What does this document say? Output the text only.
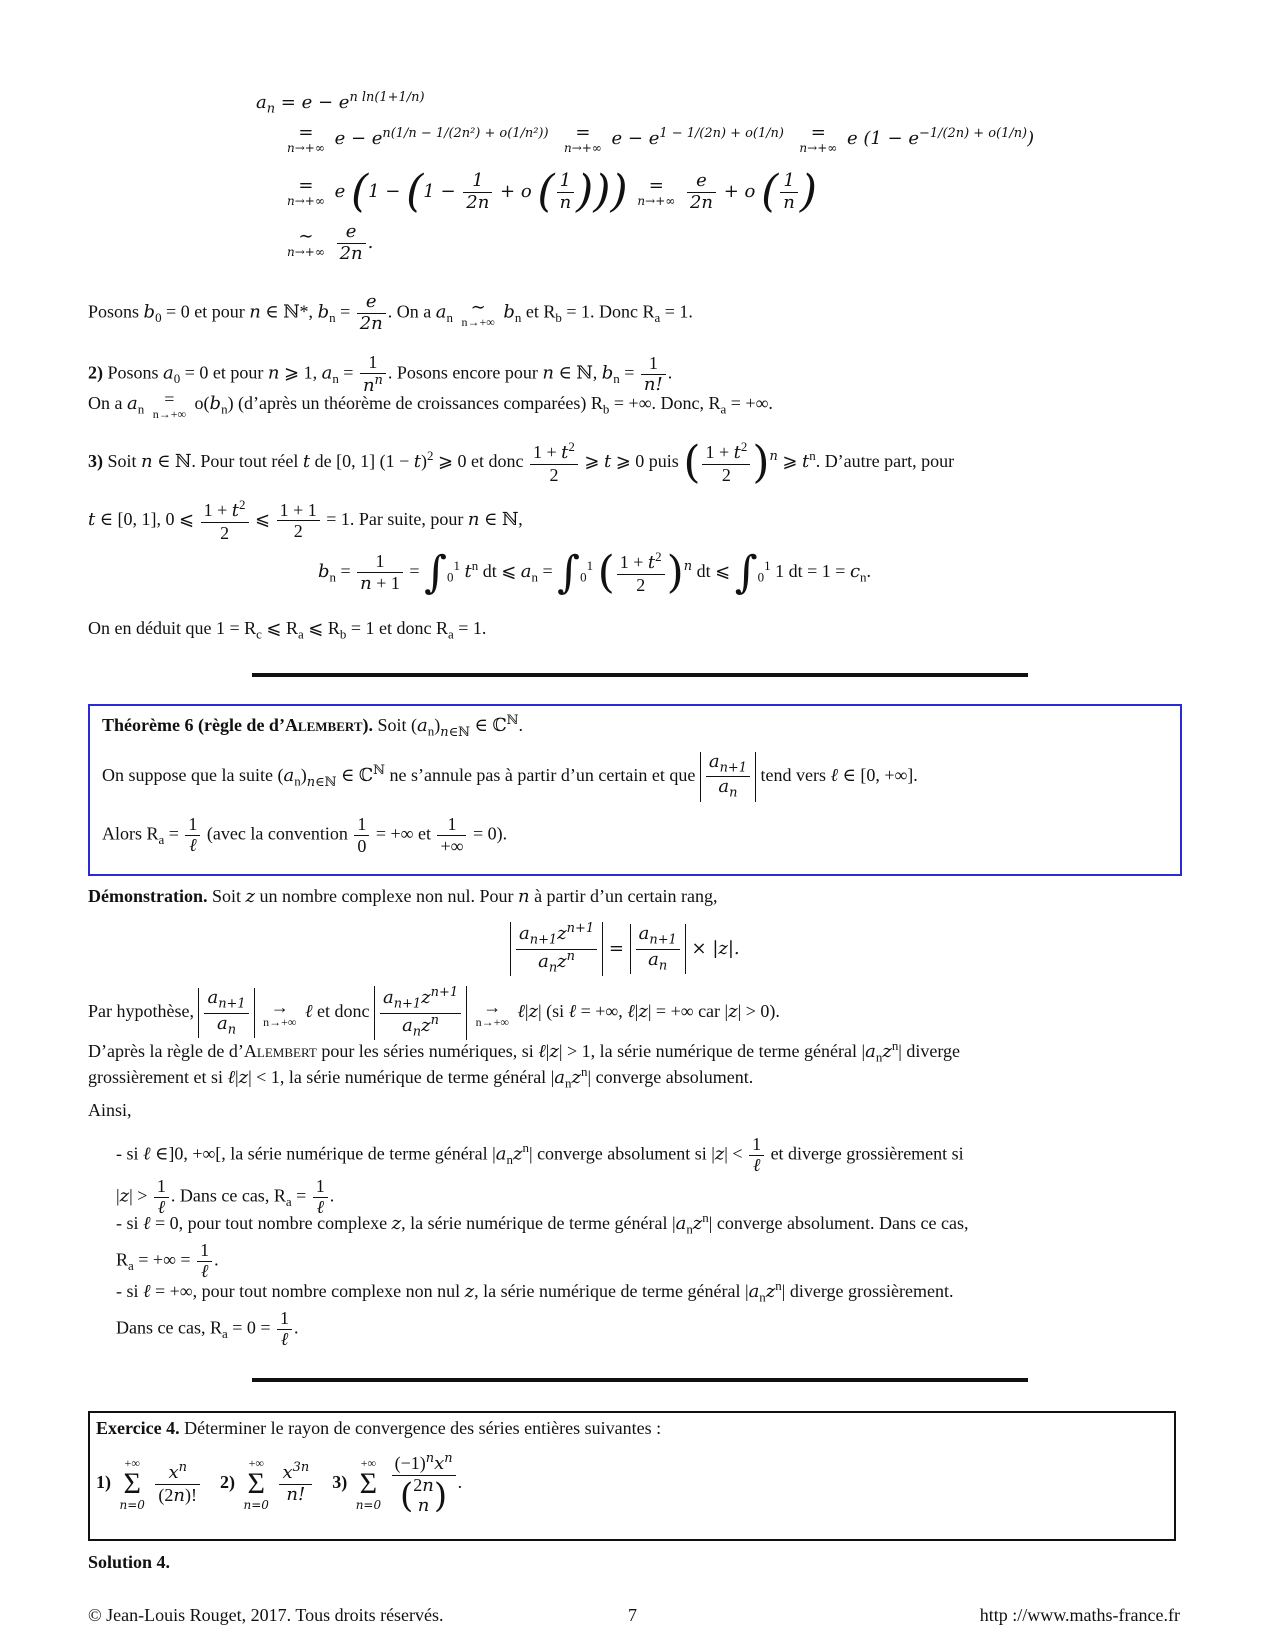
$a_n = e - e^{n ln(1+1/n)}$
=
n→+∞ $e - e^{n(1/n - 1/(2n^2) + o(1/n^2))}$	=
n→+∞ $e - e^{1 - 1/(2n) + o(1/n)}$	=
n→+∞ e $(1 - e^{-1/(2n) + o(1/n)})$
=
n→+∞ e ($1 - (1 - \frac{1}{2n} + o$ ( $\frac{1}{n}$ )))	=
n→+∞
$\frac{e}{2n} + o$ ( $\frac{1}{n}$ )
∼
n→+∞
$\frac{e}{2n}$ .
Posons $b_0 = 0$ et pour n ∈ ℕ*, $b_n = \frac{e}{2n}$ . On a $a_n$
∼
n→+∞ $b_n$ et $R_b = 1$. Donc $R_a = 1$.
2) Posons $a_0 = 0$ et pour n ⩾ 1, $a_n = \frac{1}{n^n}$ . Posons encore pour n ∈ ℕ, $b_n = \frac{1}{n!}$ .
On a $a_n$
=
n→+∞
$o(b_n)$ (d’après un théorème de croissances comparées) $R_b$ = +∞. Donc, $R_a$ = +∞.
3) Soit n ∈ ℕ. Pour tout réel t de [0, 1] $(1 - t)^2$ ⩾ 0 et donc $\frac{1 + t^2}{2}$ ⩾ t ⩾ 0 puis ( $\frac{1 + t^2}{2} )^n$ ⩾ $t^n$. D’autre part, pour
t ∈ [0, 1], 0 ⩽ $\frac{1 + t^2}{2}$ ⩽ $\frac{1 + 1}{2} = 1$. Par suite, pour n ∈ ℕ,
$b_n = \frac{1}{n + 1} = \int_0^1$ $t^n$ dt ⩽ $a_n = \int_0^1$ ( $\frac{1 + t^2}{2} )^n$ dt ⩽ $\int_0^1$ 1 dt = $1 = c_n$.
On en déduit que $1 = R_c$ ⩽ $R_a$ ⩽ $R_b = 1$ et donc $R_a = 1$.
Théorème 6 (règle de d’Alembert). Soit $(a_n)_{n\in ℕ}$ ∈ ℂ$^ℕ$.
On suppose que la suite $(a_n)_{n\in ℕ}$ ∈ ℂ$^ℕ$ ne s’annule pas à partir d’un certain et que $\frac{a_{n+1}}{a_n}$ tend vers ℓ ∈ [0, +∞].
Alors $R_a = \frac{1}{\text{ℓ}}$ (avec la convention $\frac{1}{0}$ = +∞ et $\frac{1}{+\infty} = 0$).
Démonstration. Soit z un nombre complexe non nul. Pour n à partir d’un certain rang,
$\frac{a_{n+1}z^{n+1}}{a_nz^n} = \frac{a_{n+1}}{a_n} \times |z|$.
Par hypothèse, $\frac{a_{n+1}}{a_n}$
	→
n→+∞ ℓ et donc $\frac{a_{n+1}z^{n+1}}{a_nz^n}$
	→
n→+∞ ℓ|z| (si ℓ = +∞, ℓ|z| = +∞ car |z| > 0).
D’après la règle de d’Alembert pour les séries numériques, si ℓ|z| > 1, la série numérique de terme général $|a_nz^n|$ diverge
grossièrement et si ℓ|z| < 1, la série numérique de terme général $|a_nz^n|$ converge absolument.
Ainsi,
- si ℓ ∈]0, +∞[, la série numérique de terme général $|a_nz^n|$ converge absolument si $|z| < \frac{1}{\text{ℓ}}$ et diverge grossièrement si
$|z| > \frac{1}{\text{ℓ}}$ . Dans ce cas, $R_a = \frac{1}{\text{ℓ}}$ .
- si ℓ = 0, pour tout nombre complexe z, la série numérique de terme général $|a_nz^n|$ converge absolument. Dans ce cas,
$R_a$ = +∞ = $\frac{1}{\text{ℓ}}$ .
- si ℓ = +∞, pour tout nombre complexe non nul z, la série numérique de terme général $|a_nz^n|$ diverge grossièrement.
Dans ce cas, $R_a = 0 = \frac{1}{\text{ℓ}}$ .
Exercice 4. Déterminer le rayon de convergence des séries entières suivantes :
1)
+∞
Σ
n=0
$\frac{x^n}{(2n)!} 2$)
+∞
Σ
n=0
$\frac{x^{3n}}{n!} 3$)
+∞
Σ
n=0

$(-1)^nx^n$
(2n
n ) .
Solution 4.
© Jean-Louis Rouget, 2017. Tous droits réservés.	7	http ://www.maths-france.fr
